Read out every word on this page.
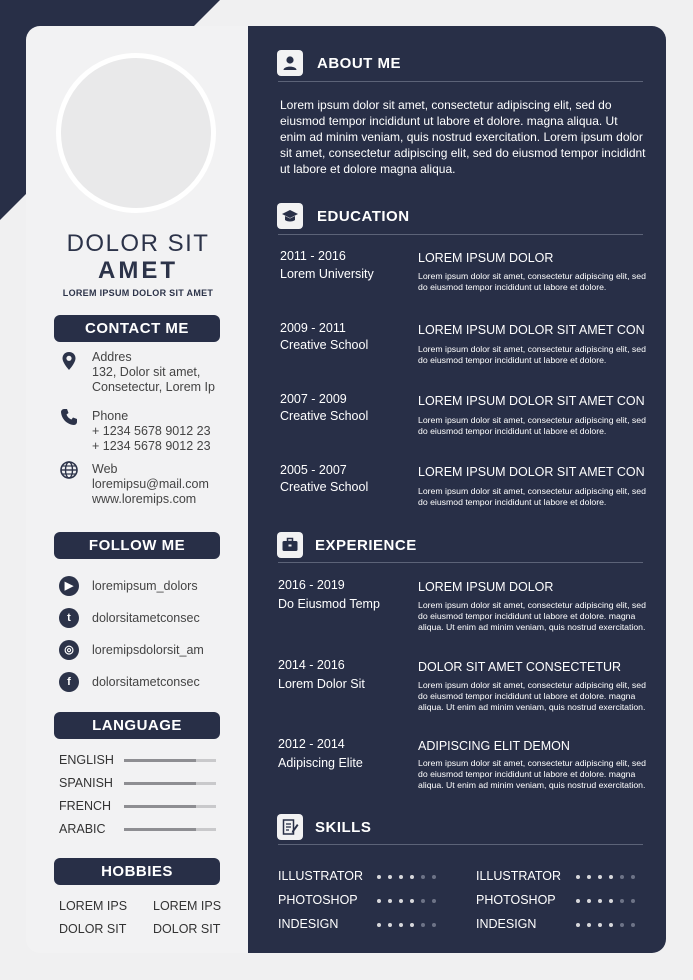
DOLOR SIT
AMET
LOREM IPSUM DOLOR SIT AMET
CONTACT ME
Addres
132, Dolor sit amet,
Consetectur, Lorem Ip
Phone
+ 1234 5678 9012 23
+ 1234 5678 9012 23
Web
loremipsu@mail.com
www.loremips.com
FOLLOW ME
▶	loremipsum_dolors
t	dolorsitametconsec
◎	loremipsdolorsit_am
f	dolorsitametconsec
LANGUAGE
ENGLISH
SPANISH
FRENCH
ARABIC
HOBBIES
LOREM IPS LOREM IPS
DOLOR SIT DOLOR SIT
ABOUT ME
Lorem ipsum dolor sit amet, consectetur adipiscing elit, sed do eiusmod tempor incididunt ut labore et dolore. magna aliqua. Ut enim ad minim veniam, quis nostrud exercitation. Lorem ipsum dolor sit amet, consectetur adipiscing elit, sed do eiusmod tempor incididnt ut labore et dolore magna aliqua.
EDUCATION
2011 - 2016
Lorem University
LOREM IPSUM DOLOR
Lorem ipsum dolor sit amet, consectetur adipiscing elit, sed do eiusmod tempor incididunt ut labore et dolore.
2009 - 2011
Creative School
LOREM IPSUM DOLOR SIT AMET CON
Lorem ipsum dolor sit amet, consectetur adipiscing elit, sed do eiusmod tempor incididunt ut labore et dolore.
2007 - 2009
Creative School
LOREM IPSUM DOLOR SIT AMET CON
Lorem ipsum dolor sit amet, consectetur adipiscing elit, sed do eiusmod tempor incididunt ut labore et dolore.
2005 - 2007
Creative School
LOREM IPSUM DOLOR SIT AMET CON
Lorem ipsum dolor sit amet, consectetur adipiscing elit, sed do eiusmod tempor incididunt ut labore et dolore.
EXPERIENCE
2016 - 2019
Do Eiusmod Temp
LOREM IPSUM DOLOR
Lorem ipsum dolor sit amet, consectetur adipiscing elit, sed do eiusmod tempor incididunt ut labore et dolore. magna aliqua. Ut enim ad minim veniam, quis nostrud exercitation.
2014 - 2016
Lorem Dolor Sit
DOLOR SIT AMET CONSECTETUR
Lorem ipsum dolor sit amet, consectetur adipiscing elit, sed do eiusmod tempor incididunt ut labore et dolore. magna aliqua. Ut enim ad minim veniam, quis nostrud exercitation.
2012 - 2014
Adipiscing Elite
ADIPISCING ELIT DEMON
Lorem ipsum dolor sit amet, consectetur adipiscing elit, sed do eiusmod tempor incididunt ut labore et dolore. magna aliqua. Ut enim ad minim veniam, quis nostrud exercitation.
SKILLS
ILLUSTRATOR	ILLUSTRATOR
PHOTOSHOP	PHOTOSHOP
INDESIGN	INDESIGN
